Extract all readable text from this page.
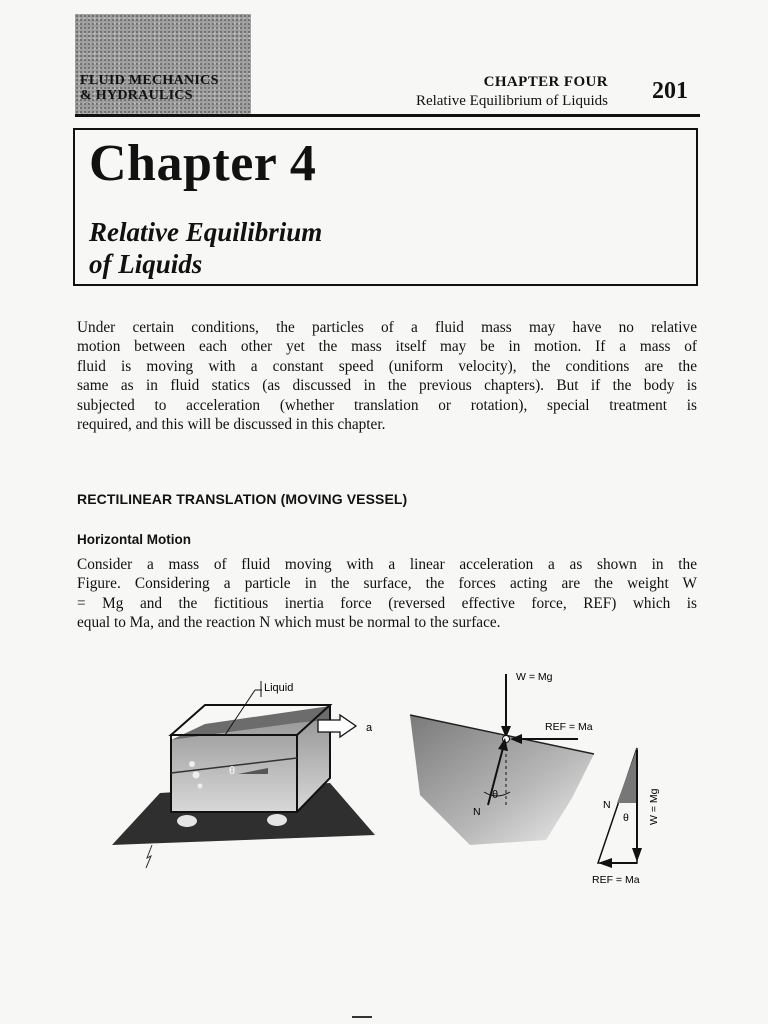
FLUID MECHANICS
& HYDRAULICS
CHAPTER FOUR
Relative Equilibrium of Liquids 201
Chapter 4
Relative Equilibrium
of Liquids
Under certain conditions, the particles of a fluid mass may have no relative
motion between each other yet the mass itself may be in motion. If a mass of
fluid is moving with a constant speed (uniform velocity), the conditions are the
same as in fluid statics (as discussed in the previous chapters). But if the body is
subjected to acceleration (whether translation or rotation), special treatment is
required, and this will be discussed in this chapter.
RECTILINEAR TRANSLATION (MOVING VESSEL)
Horizontal Motion
Consider a mass of fluid moving with a linear acceleration a as shown in the
Figure. Considering a particle in the surface, the forces acting are the weight W
= Mg and the fictitious inertia force (reversed effective force, REF) which is
equal to Ma, and the reaction N which must be normal to the surface.
θ
Liquid
a
W = Mg
REF = Ma
N
θ
N
θ W = Mg
REF = Ma
